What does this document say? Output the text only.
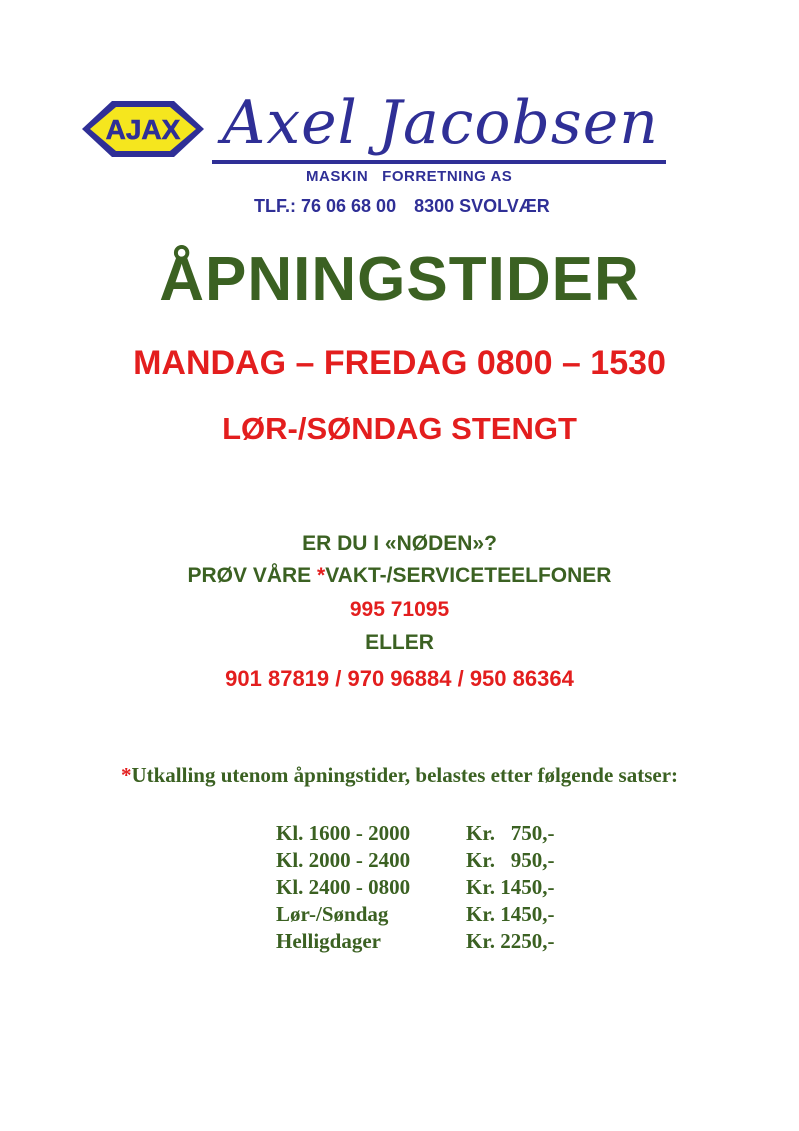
AJAX Axel Jacobsen
MASKIN   FORRETNING AS
TLF.: 76 06 68 00 8300 SVOLVÆR
ÅPNINGSTIDER
MANDAG – FREDAG 0800 – 1530
LØR-/SØNDAG STENGT
ER DU I «NØDEN»?
PRØV VÅRE *VAKT-/SERVICETEELFONER
995 71095
ELLER
901 87819 / 970 96884 / 950 86364
*Utkalling utenom åpningstider, belastes etter følgende satser:
Kl. 1600 - 2000	Kr.   750,-
Kl. 2000 - 2400	Kr.   950,-
Kl. 2400 - 0800	Kr. 1450,-
Lør-/Søndag	Kr. 1450,-
Helligdager	Kr. 2250,-
